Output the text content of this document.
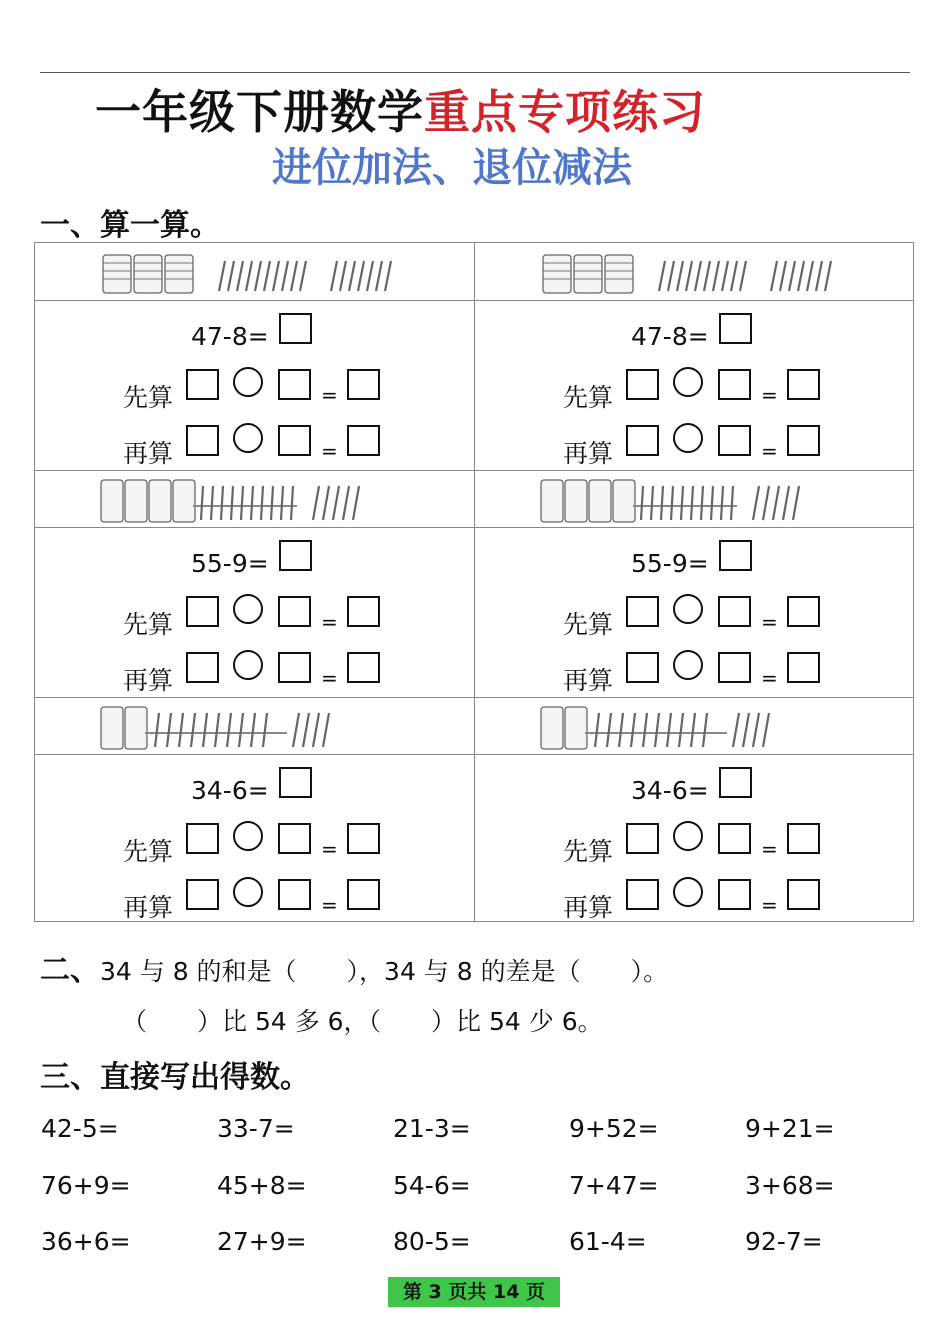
一年级下册数学重点专项练习
进位加法、退位减法
一、算一算。
47-8=
先算	=
再算	=
47-8=
先算	=
再算	=
55-9=
先算	=
再算	=
55-9=
先算	=
再算	=
34-6=
先算	=
再算	=
34-6=
先算	=
再算	=
二、34 与 8 的和是（　　），34 与 8 的差是（　　）。
（　　）比 54 多 6，（　　）比 54 少 6。
三、直接写出得数。
42-5=	33-7=	21-3=	9+52=	9+21=
76+9=	45+8=	54-6=	7+47=	3+68=
36+6=	27+9=	80-5=	61-4=	92-7=
第 3 页共 14 页
